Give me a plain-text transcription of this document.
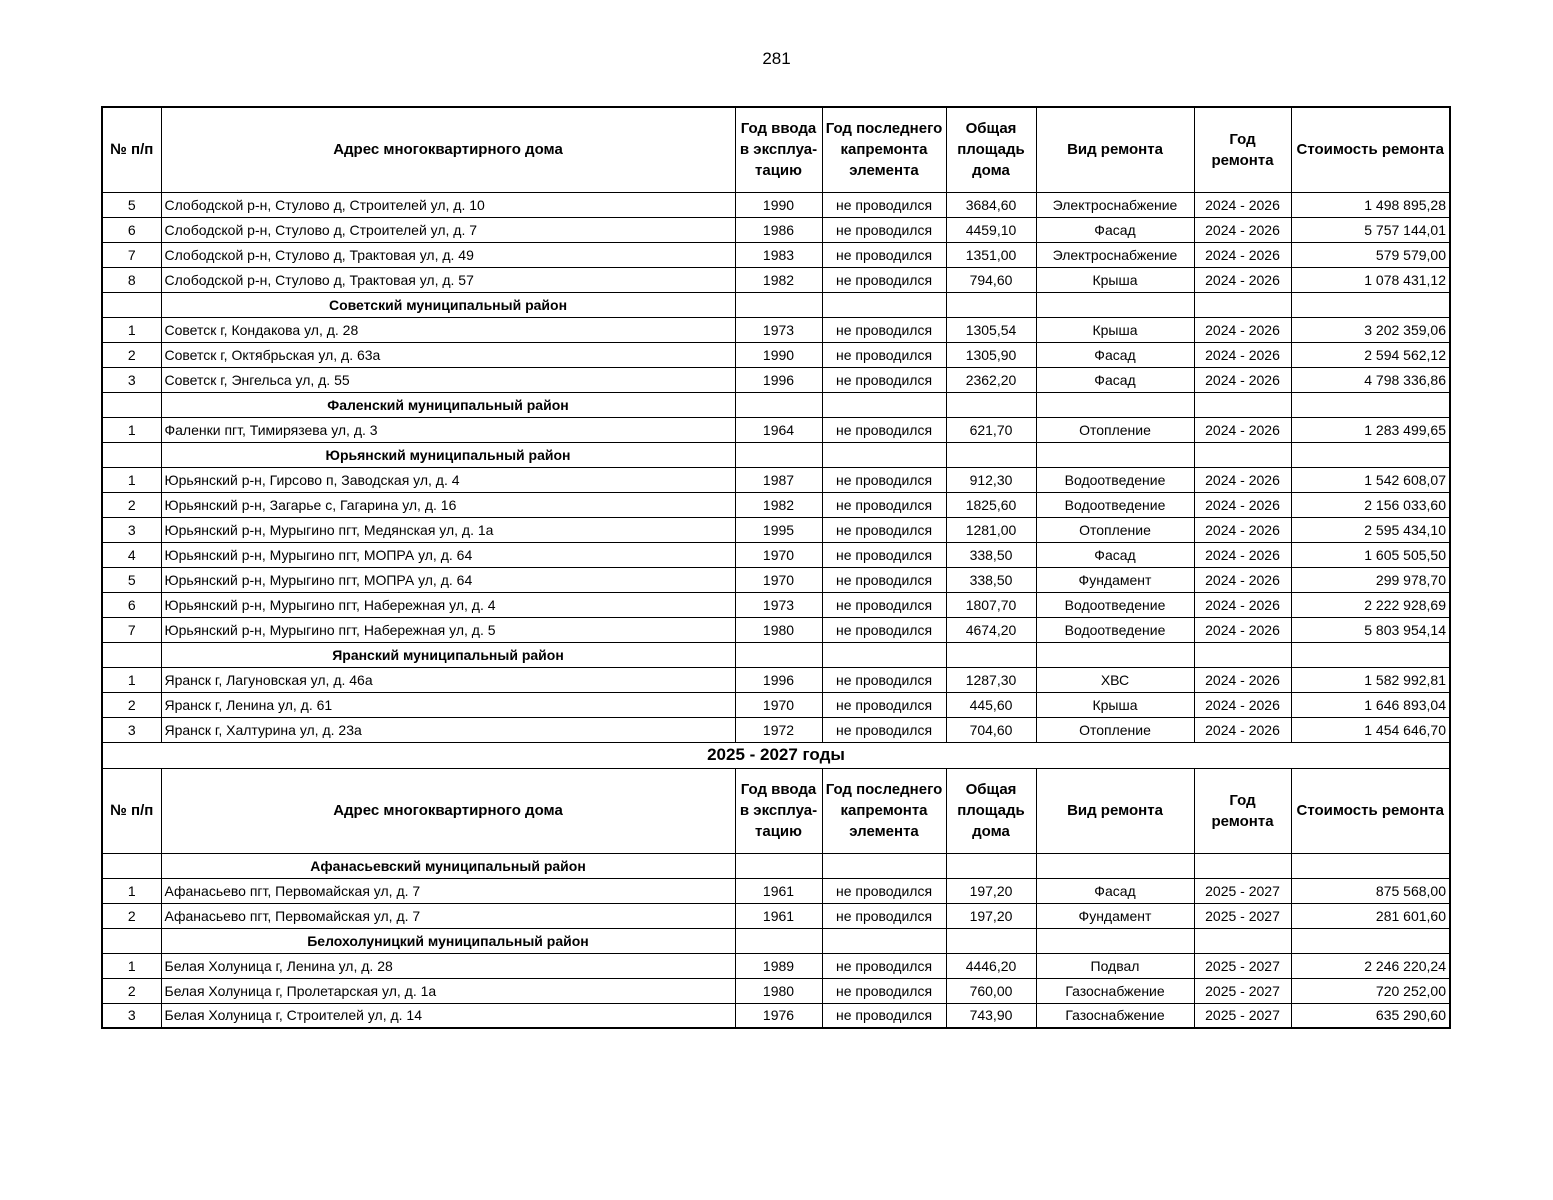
281
№ п/п	Адрес многоквартирного дома	Год ввода в эксплуа-тацию	Год последнего капремонта элемента	Общая площадь дома	Вид ремонта	Год ремонта	Стоимость ремонта
5	Слободской р-н, Стулово д, Строителей ул, д. 10	1990	не проводился	3684,60	Электроснабжение	2024 - 2026	1 498 895,28
6	Слободской р-н, Стулово д, Строителей ул, д. 7	1986	не проводился	4459,10	Фасад	2024 - 2026	5 757 144,01
7	Слободской р-н, Стулово д, Трактовая ул, д. 49	1983	не проводился	1351,00	Электроснабжение	2024 - 2026	579 579,00
8	Слободской р-н, Стулово д, Трактовая ул, д. 57	1982	не проводился	794,60	Крыша	2024 - 2026	1 078 431,12
	Советский муниципальный район						
1	Советск г, Кондакова ул, д. 28	1973	не проводился	1305,54	Крыша	2024 - 2026	3 202 359,06
2	Советск г, Октябрьская ул, д. 63а	1990	не проводился	1305,90	Фасад	2024 - 2026	2 594 562,12
3	Советск г, Энгельса ул, д. 55	1996	не проводился	2362,20	Фасад	2024 - 2026	4 798 336,86
	Фаленский муниципальный район						
1	Фаленки пгт, Тимирязева ул, д. 3	1964	не проводился	621,70	Отопление	2024 - 2026	1 283 499,65
	Юрьянский муниципальный район						
1	Юрьянский р-н, Гирсово п, Заводская ул, д. 4	1987	не проводился	912,30	Водоотведение	2024 - 2026	1 542 608,07
2	Юрьянский р-н, Загарье с, Гагарина ул, д. 16	1982	не проводился	1825,60	Водоотведение	2024 - 2026	2 156 033,60
3	Юрьянский р-н, Мурыгино пгт, Медянская ул, д. 1а	1995	не проводился	1281,00	Отопление	2024 - 2026	2 595 434,10
4	Юрьянский р-н, Мурыгино пгт, МОПРА ул, д. 64	1970	не проводился	338,50	Фасад	2024 - 2026	1 605 505,50
5	Юрьянский р-н, Мурыгино пгт, МОПРА ул, д. 64	1970	не проводился	338,50	Фундамент	2024 - 2026	299 978,70
6	Юрьянский р-н, Мурыгино пгт, Набережная ул, д. 4	1973	не проводился	1807,70	Водоотведение	2024 - 2026	2 222 928,69
7	Юрьянский р-н, Мурыгино пгт, Набережная ул, д. 5	1980	не проводился	4674,20	Водоотведение	2024 - 2026	5 803 954,14
	Яранский муниципальный район						
1	Яранск г, Лагуновская ул, д. 46а	1996	не проводился	1287,30	ХВС	2024 - 2026	1 582 992,81
2	Яранск г, Ленина ул, д. 61	1970	не проводился	445,60	Крыша	2024 - 2026	1 646 893,04
3	Яранск г, Халтурина ул, д. 23а	1972	не проводился	704,60	Отопление	2024 - 2026	1 454 646,70
2025 - 2027 годы							
№ п/п	Адрес многоквартирного дома	Год ввода в эксплуа-тацию	Год последнего капремонта элемента	Общая площадь дома	Вид ремонта	Год ремонта	Стоимость ремонта
	Афанасьевский муниципальный район						
1	Афанасьево пгт, Первомайская ул, д. 7	1961	не проводился	197,20	Фасад	2025 - 2027	875 568,00
2	Афанасьево пгт, Первомайская ул, д. 7	1961	не проводился	197,20	Фундамент	2025 - 2027	281 601,60
	Белохолуницкий муниципальный район						
1	Белая Холуница г, Ленина ул, д. 28	1989	не проводился	4446,20	Подвал	2025 - 2027	2 246 220,24
2	Белая Холуница г, Пролетарская ул, д. 1а	1980	не проводился	760,00	Газоснабжение	2025 - 2027	720 252,00
3	Белая Холуница г, Строителей ул, д. 14	1976	не проводился	743,90	Газоснабжение	2025 - 2027	635 290,60
